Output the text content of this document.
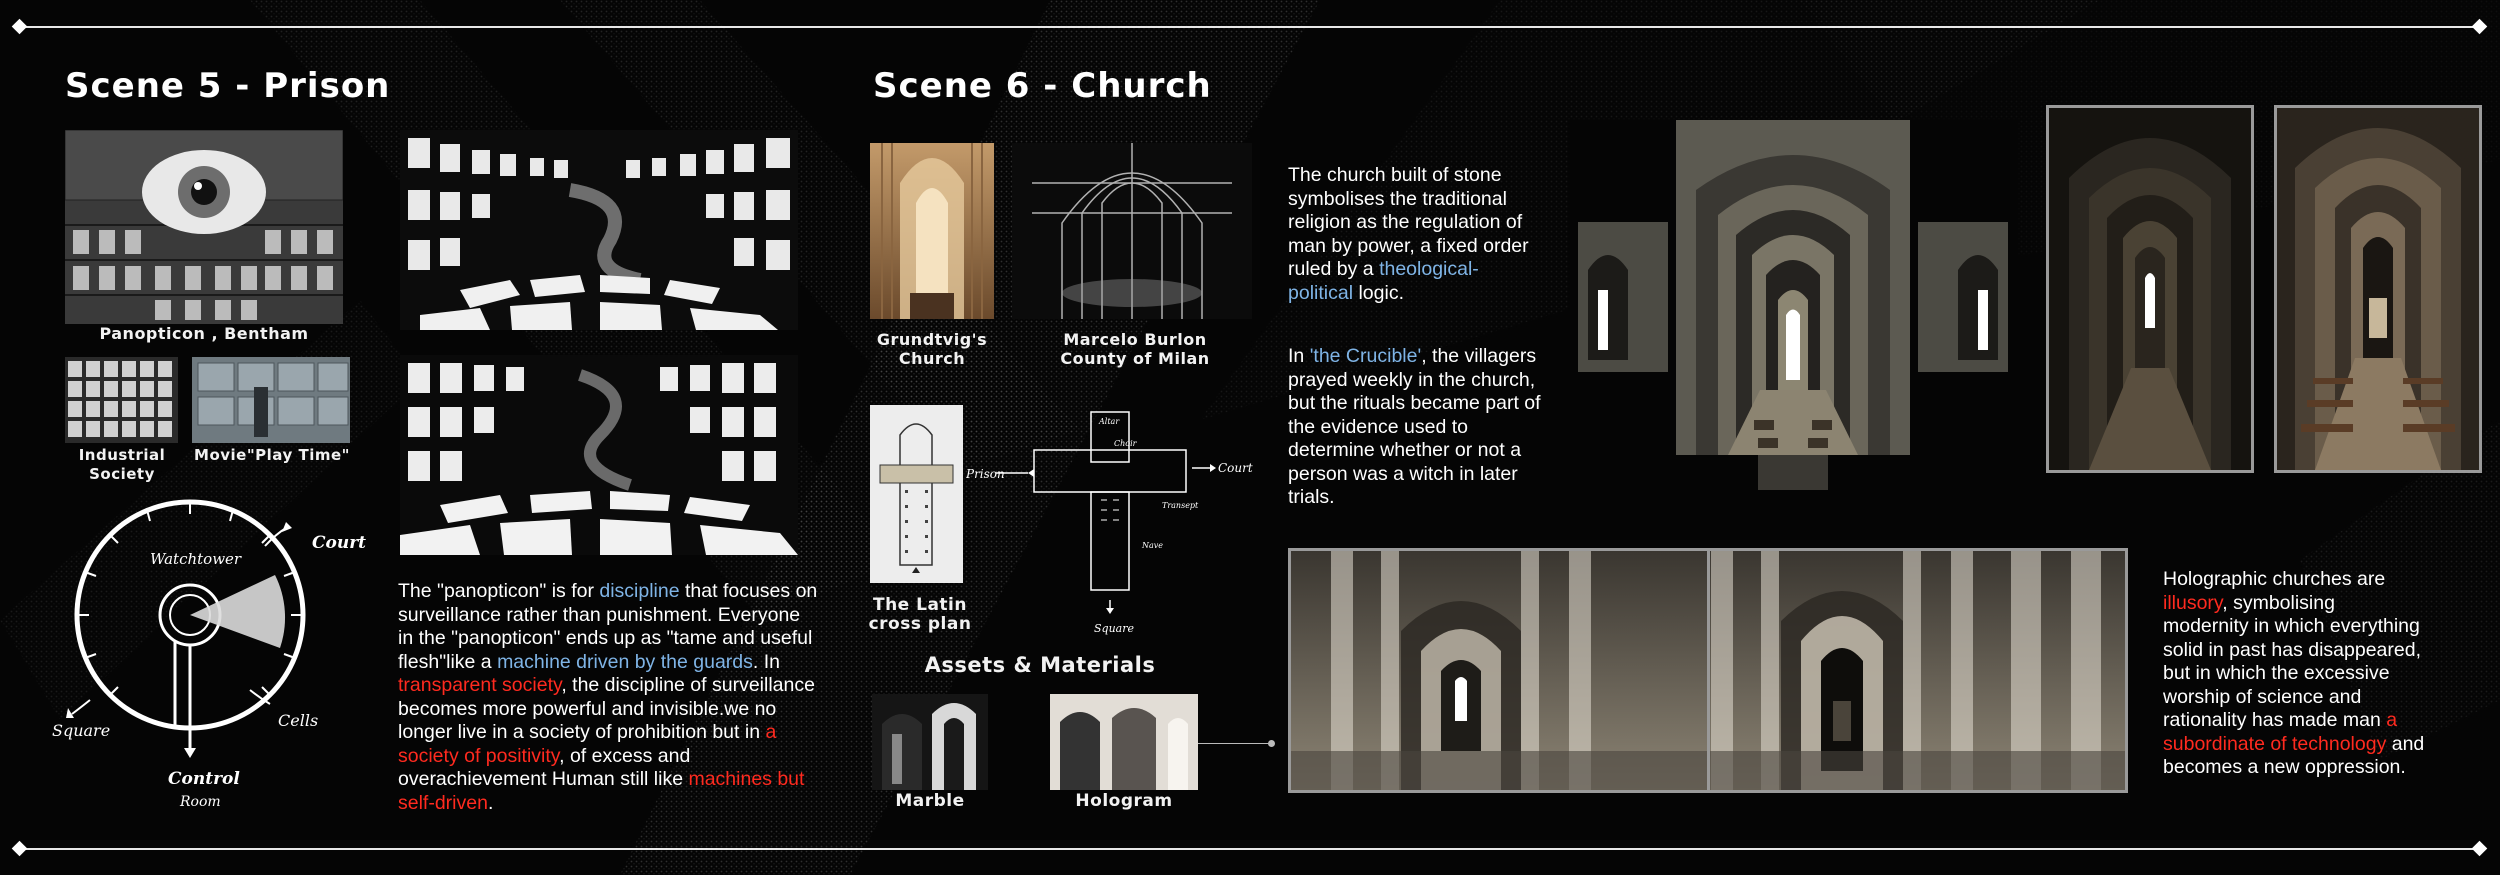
Scene 5 - Prison
Panopticon , Bentham
Industrial Society
Movie"Play Time"
Watchtower
Court
Square
Cells
Control
Room

The "panopticon" is for discipline that focuses on surveillance rather than punishment. Everyone in the "panopticon" ends up as "tame and useful flesh"like a machine driven by the guards. In transparent society, the discipline of surveillance becomes more powerful and invisible.we no longer live in a society of prohibition but in a society of positivity, of excess and overachievement Human still like machines but self-driven.

Scene 6 - Church
Grundtvig's Church
Marcelo Burlon County of Milan
The Latin cross plan
Prison	Court
Square
Altar
Choir
Transept
Nave
Assets & Materials
Marble	Hologram

The church built of stone symbolises the traditional religion as the regulation of man by power, a fixed order ruled by a theological-political logic.

In 'the Crucible', the villagers prayed weekly in the church, but the rituals became part of the evidence used to determine whether or not a person was a witch in later trials.

Holographic churches are illusory, symbolising modernity in which everything solid in past has disappeared, but in which the excessive worship of science and rationality has made man a subordinate of technology and becomes a new oppression.
